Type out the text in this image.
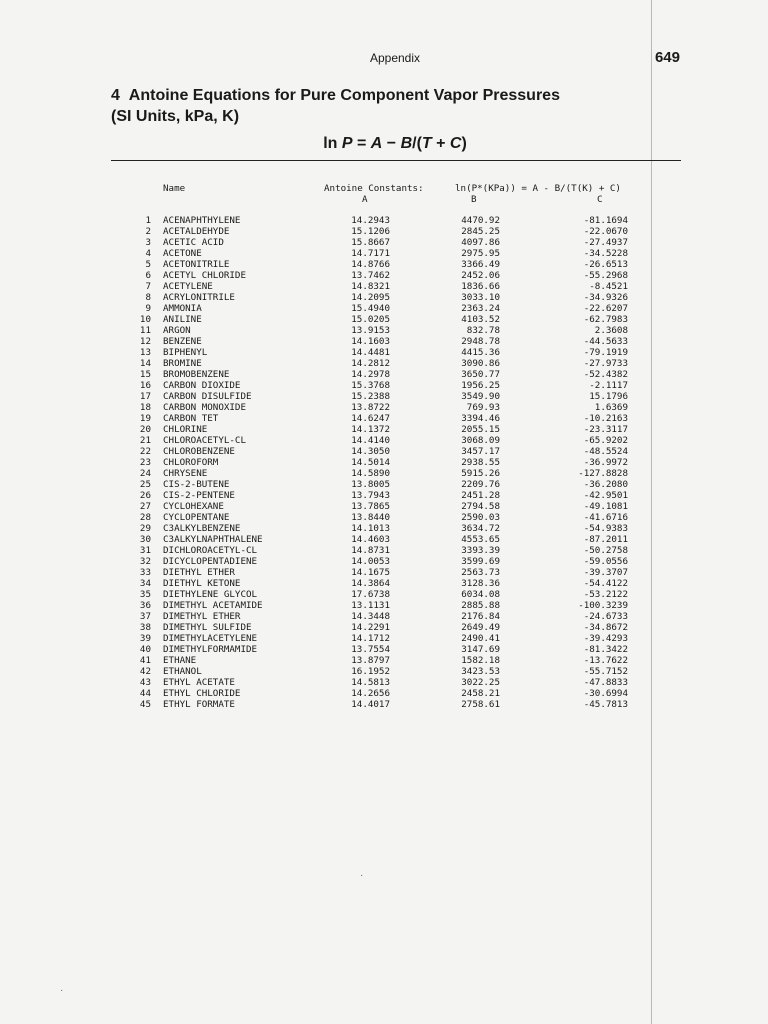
Appendix	649
4 Antoine Equations for Pure Component Vapor Pressures
(SI Units, kPa, K)
ln P = A − B/(T + C)
Name	Antoine Constants:	ln(P*(KPa)) = A - B/(T(K) + C)
A	B	C
1 ACENAPHTHYLENE	14.2943	4470.92	-81.1694
2 ACETALDEHYDE	15.1206	2845.25	-22.0670
3 ACETIC ACID	15.8667	4097.86	-27.4937
4 ACETONE	14.7171	2975.95	-34.5228
5 ACETONITRILE	14.8766	3366.49	-26.6513
6 ACETYL CHLORIDE	13.7462	2452.06	-55.2968
7 ACETYLENE	14.8321	1836.66	-8.4521
8 ACRYLONITRILE	14.2095	3033.10	-34.9326
9 AMMONIA	15.4940	2363.24	-22.6207
10 ANILINE	15.0205	4103.52	-62.7983
11 ARGON	13.9153	832.78	2.3608
12 BENZENE	14.1603	2948.78	-44.5633
13 BIPHENYL	14.4481	4415.36	-79.1919
14 BROMINE	14.2812	3090.86	-27.9733
15 BROMOBENZENE	14.2978	3650.77	-52.4382
16 CARBON DIOXIDE	15.3768	1956.25	-2.1117
17 CARBON DISULFIDE	15.2388	3549.90	15.1796
18 CARBON MONOXIDE	13.8722	769.93	1.6369
19 CARBON TET	14.6247	3394.46	-10.2163
20 CHLORINE	14.1372	2055.15	-23.3117
21 CHLOROACETYL-CL	14.4140	3068.09	-65.9202
22 CHLOROBENZENE	14.3050	3457.17	-48.5524
23 CHLOROFORM	14.5014	2938.55	-36.9972
24 CHRYSENE	14.5890	5915.26	-127.8828
25 CIS-2-BUTENE	13.8005	2209.76	-36.2080
26 CIS-2-PENTENE	13.7943	2451.28	-42.9501
27 CYCLOHEXANE	13.7865	2794.58	-49.1081
28 CYCLOPENTANE	13.8440	2590.03	-41.6716
29 C3ALKYLBENZENE	14.1013	3634.72	-54.9383
30 C3ALKYLNAPHTHALENE	14.4603	4553.65	-87.2011
31 DICHLOROACETYL-CL	14.8731	3393.39	-50.2758
32 DICYCLOPENTADIENE	14.0053	3599.69	-59.0556
33 DIETHYL ETHER	14.1675	2563.73	-39.3707
34 DIETHYL KETONE	14.3864	3128.36	-54.4122
35 DIETHYLENE GLYCOL	17.6738	6034.08	-53.2122
36 DIMETHYL ACETAMIDE	13.1131	2885.88	-100.3239
37 DIMETHYL ETHER	14.3448	2176.84	-24.6733
38 DIMETHYL SULFIDE	14.2291	2649.49	-34.8672
39 DIMETHYLACETYLENE	14.1712	2490.41	-39.4293
40 DIMETHYLFORMAMIDE	13.7554	3147.69	-81.3422
41 ETHANE	13.8797	1582.18	-13.7622
42 ETHANOL	16.1952	3423.53	-55.7152
43 ETHYL ACETATE	14.5813	3022.25	-47.8833
44 ETHYL CHLORIDE	14.2656	2458.21	-30.6994
45 ETHYL FORMATE	14.4017	2758.61	-45.7813
·
·
